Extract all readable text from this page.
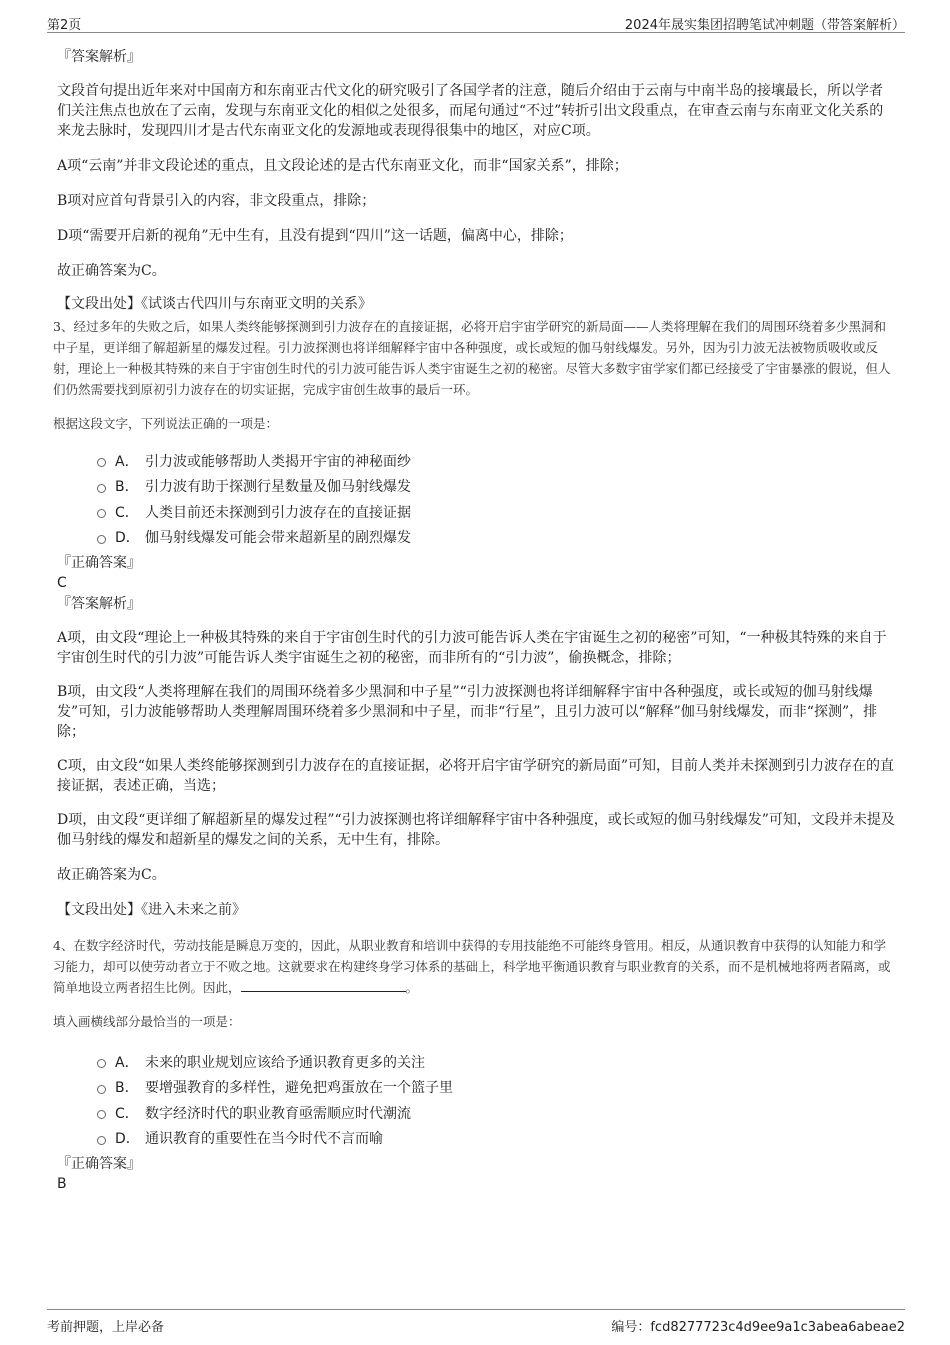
第2页	2024年晟实集团招聘笔试冲刺题（带答案解析）
『答案解析』

文段首句提出近年来对中国南方和东南亚古代文化的研究吸引了各国学者的注意，随后介绍由于云南与中南半岛的接壤最长，所以学者们关注焦点也放在了云南，发现与东南亚文化的相似之处很多，而尾句通过“不过”转折引出文段重点，在审查云南与东南亚文化关系的来龙去脉时，发现四川才是古代东南亚文化的发源地或表现得很集中的地区，对应C项。

A项“云南”并非文段论述的重点，且文段论述的是古代东南亚文化，而非“国家关系”，排除；

B项对应首句背景引入的内容，非文段重点，排除；

D项“需要开启新的视角”无中生有，且没有提到“四川”这一话题，偏离中心，排除；

故正确答案为C。

【文段出处】《试谈古代四川与东南亚文明的关系》

3、经过多年的失败之后，如果人类终能够探测到引力波存在的直接证据，必将开启宇宙学研究的新局面——人类将理解在我们的周围环绕着多少黑洞和中子星，更详细了解超新星的爆发过程。引力波探测也将详细解释宇宙中各种强度，或长或短的伽马射线爆发。另外，因为引力波无法被物质吸收或反射，理论上一种极其特殊的来自于宇宙创生时代的引力波可能告诉人类宇宙诞生之初的秘密。尽管大多数宇宙学家们都已经接受了宇宙暴涨的假说，但人们仍然需要找到原初引力波存在的切实证据，完成宇宙创生故事的最后一环。

根据这段文字，下列说法正确的一项是：
A． 引力波或能够帮助人类揭开宇宙的神秘面纱
B． 引力波有助于探测行星数量及伽马射线爆发
C． 人类目前还未探测到引力波存在的直接证据
D． 伽马射线爆发可能会带来超新星的剧烈爆发
『正确答案』
C
『答案解析』

A项，由文段“理论上一种极其特殊的来自于宇宙创生时代的引力波可能告诉人类在宇宙诞生之初的秘密”可知，“一种极其特殊的来自于宇宙创生时代的引力波”可能告诉人类宇宙诞生之初的秘密，而非所有的“引力波”，偷换概念，排除；

B项，由文段“人类将理解在我们的周围环绕着多少黑洞和中子星”“引力波探测也将详细解释宇宙中各种强度，或长或短的伽马射线爆发”可知，引力波能够帮助人类理解周围环绕着多少黑洞和中子星，而非“行星”，且引力波可以“解释”伽马射线爆发，而非“探测”，排除；

C项，由文段“如果人类终能够探测到引力波存在的直接证据，必将开启宇宙学研究的新局面”可知，目前人类并未探测到引力波存在的直接证据，表述正确，当选；

D项，由文段“更详细了解超新星的爆发过程”“引力波探测也将详细解释宇宙中各种强度，或长或短的伽马射线爆发”可知，文段并未提及伽马射线的爆发和超新星的爆发之间的关系，无中生有，排除。

故正确答案为C。

【文段出处】《进入未来之前》

4、在数字经济时代，劳动技能是瞬息万变的，因此，从职业教育和培训中获得的专用技能绝不可能终身管用。相反，从通识教育中获得的认知能力和学习能力，却可以使劳动者立于不败之地。这就要求在构建终身学习体系的基础上，科学地平衡通识教育与职业教育的关系，而不是机械地将两者隔离，或简单地设立两者招生比例。因此，	。

填入画横线部分最恰当的一项是：
A． 未来的职业规划应该给予通识教育更多的关注
B． 要增强教育的多样性，避免把鸡蛋放在一个篮子里
C． 数字经济时代的职业教育亟需顺应时代潮流
D． 通识教育的重要性在当今时代不言而喻
『正确答案』
B
考前押题，上岸必备	编号：fcd8277723c4d9ee9a1c3abea6abeae2
